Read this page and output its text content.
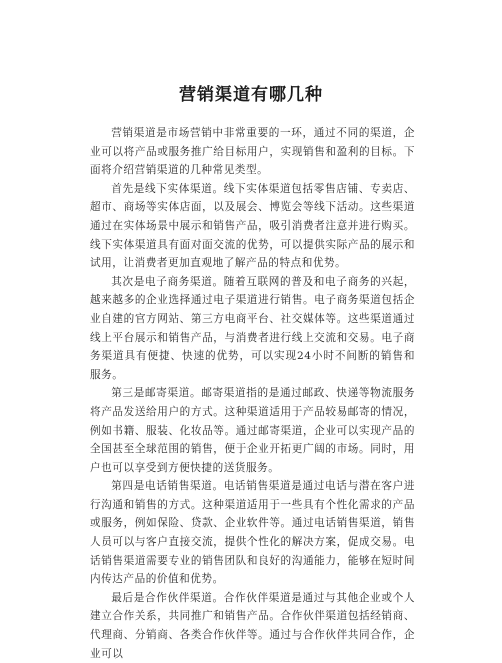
营销渠道有哪几种

营销渠道是市场营销中非常重要的一环，通过不同的渠道，企业可以将产品或服务推广给目标用户，实现销售和盈利的目标。下面将介绍营销渠道的几种常见类型。

首先是线下实体渠道。线下实体渠道包括零售店铺、专卖店、超市、商场等实体店面，以及展会、博览会等线下活动。这些渠道通过在实体场景中展示和销售产品，吸引消费者注意并进行购买。线下实体渠道具有面对面交流的优势，可以提供实际产品的展示和试用，让消费者更加直观地了解产品的特点和优势。

其次是电子商务渠道。随着互联网的普及和电子商务的兴起，越来越多的企业选择通过电子渠道进行销售。电子商务渠道包括企业自建的官方网站、第三方电商平台、社交媒体等。这些渠道通过线上平台展示和销售产品，与消费者进行线上交流和交易。电子商务渠道具有便捷、快速的优势，可以实现24小时不间断的销售和服务。

第三是邮寄渠道。邮寄渠道指的是通过邮政、快递等物流服务将产品发送给用户的方式。这种渠道适用于产品较易邮寄的情况，例如书籍、服装、化妆品等。通过邮寄渠道，企业可以实现产品的全国甚至全球范围的销售，便于企业开拓更广阔的市场。同时，用户也可以享受到方便快捷的送货服务。

第四是电话销售渠道。电话销售渠道是通过电话与潜在客户进行沟通和销售的方式。这种渠道适用于一些具有个性化需求的产品或服务，例如保险、贷款、企业软件等。通过电话销售渠道，销售人员可以与客户直接交流，提供个性化的解决方案，促成交易。电话销售渠道需要专业的销售团队和良好的沟通能力，能够在短时间内传达产品的价值和优势。

最后是合作伙伴渠道。合作伙伴渠道是通过与其他企业或个人建立合作关系，共同推广和销售产品。合作伙伴渠道包括经销商、代理商、分销商、各类合作伙伴等。通过与合作伙伴共同合作，企业可以
